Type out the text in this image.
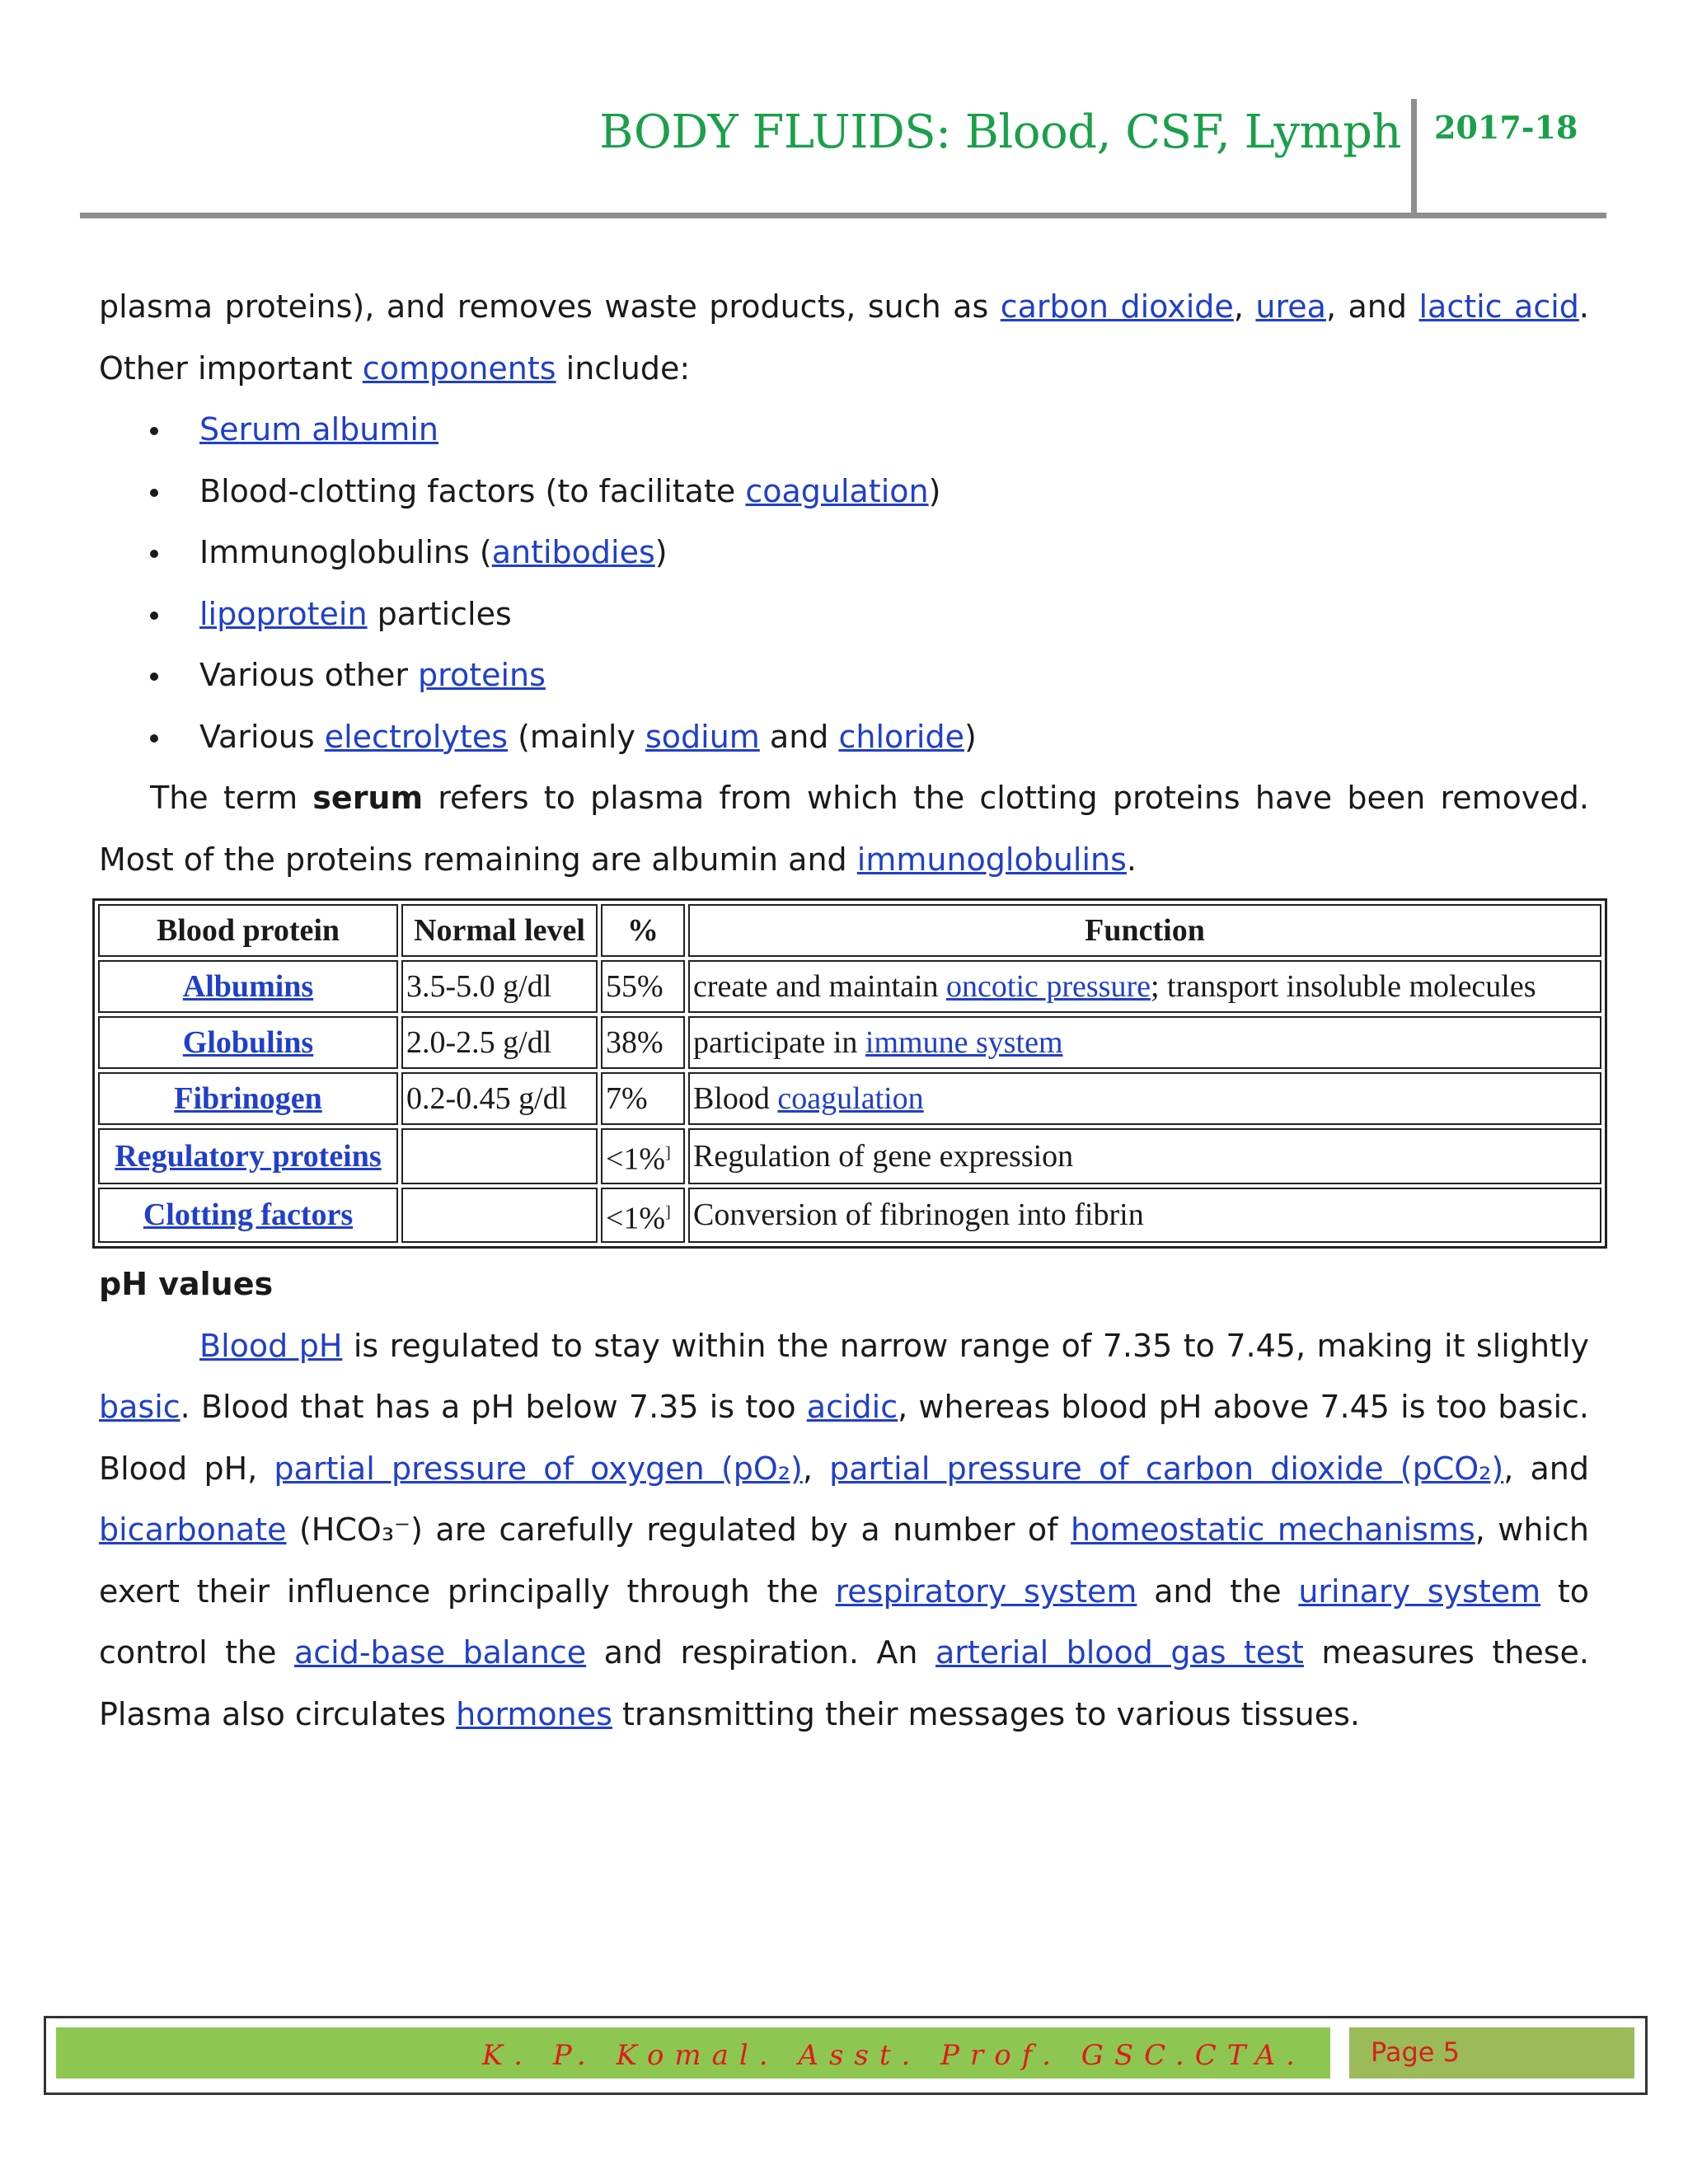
BODY FLUIDS: Blood, CSF, Lymph 2017-18

plasma proteins), and removes waste products, such as carbon dioxide, urea, and lactic acid.

Other important components include:

Serum albumin
Blood-clotting factors (to facilitate coagulation)
Immunoglobulins (antibodies)
lipoprotein particles
Various other proteins
Various electrolytes (mainly sodium and chloride)

The term serum refers to plasma from which the clotting proteins have been removed. Most of the proteins remaining are albumin and immunoglobulins.

Blood protein	Normal level	%	Function
Albumins	3.5-5.0 g/dl	55%	create and maintain oncotic pressure; transport insoluble molecules
Globulins	2.0-2.5 g/dl	38%	participate in immune system
Fibrinogen	0.2-0.45 g/dl	7%	Blood coagulation
Regulatory proteins		<1%]	Regulation of gene expression
Clotting factors		<1%]	Conversion of fibrinogen into fibrin
pH values

Blood pH is regulated to stay within the narrow range of 7.35 to 7.45, making it slightly basic. Blood that has a pH below 7.35 is too acidic, whereas blood pH above 7.45 is too basic. Blood pH, partial pressure of oxygen (pO₂), partial pressure of carbon dioxide (pCO₂), and bicarbonate (HCO₃⁻) are carefully regulated by a number of homeostatic mechanisms, which exert their influence principally through the respiratory system and the urinary system to control the acid-base balance and respiration. An arterial blood gas test measures these. Plasma also circulates hormones transmitting their messages to various tissues.

K. P. Komal. Asst. Prof. GSC.CTA.	Page 5
